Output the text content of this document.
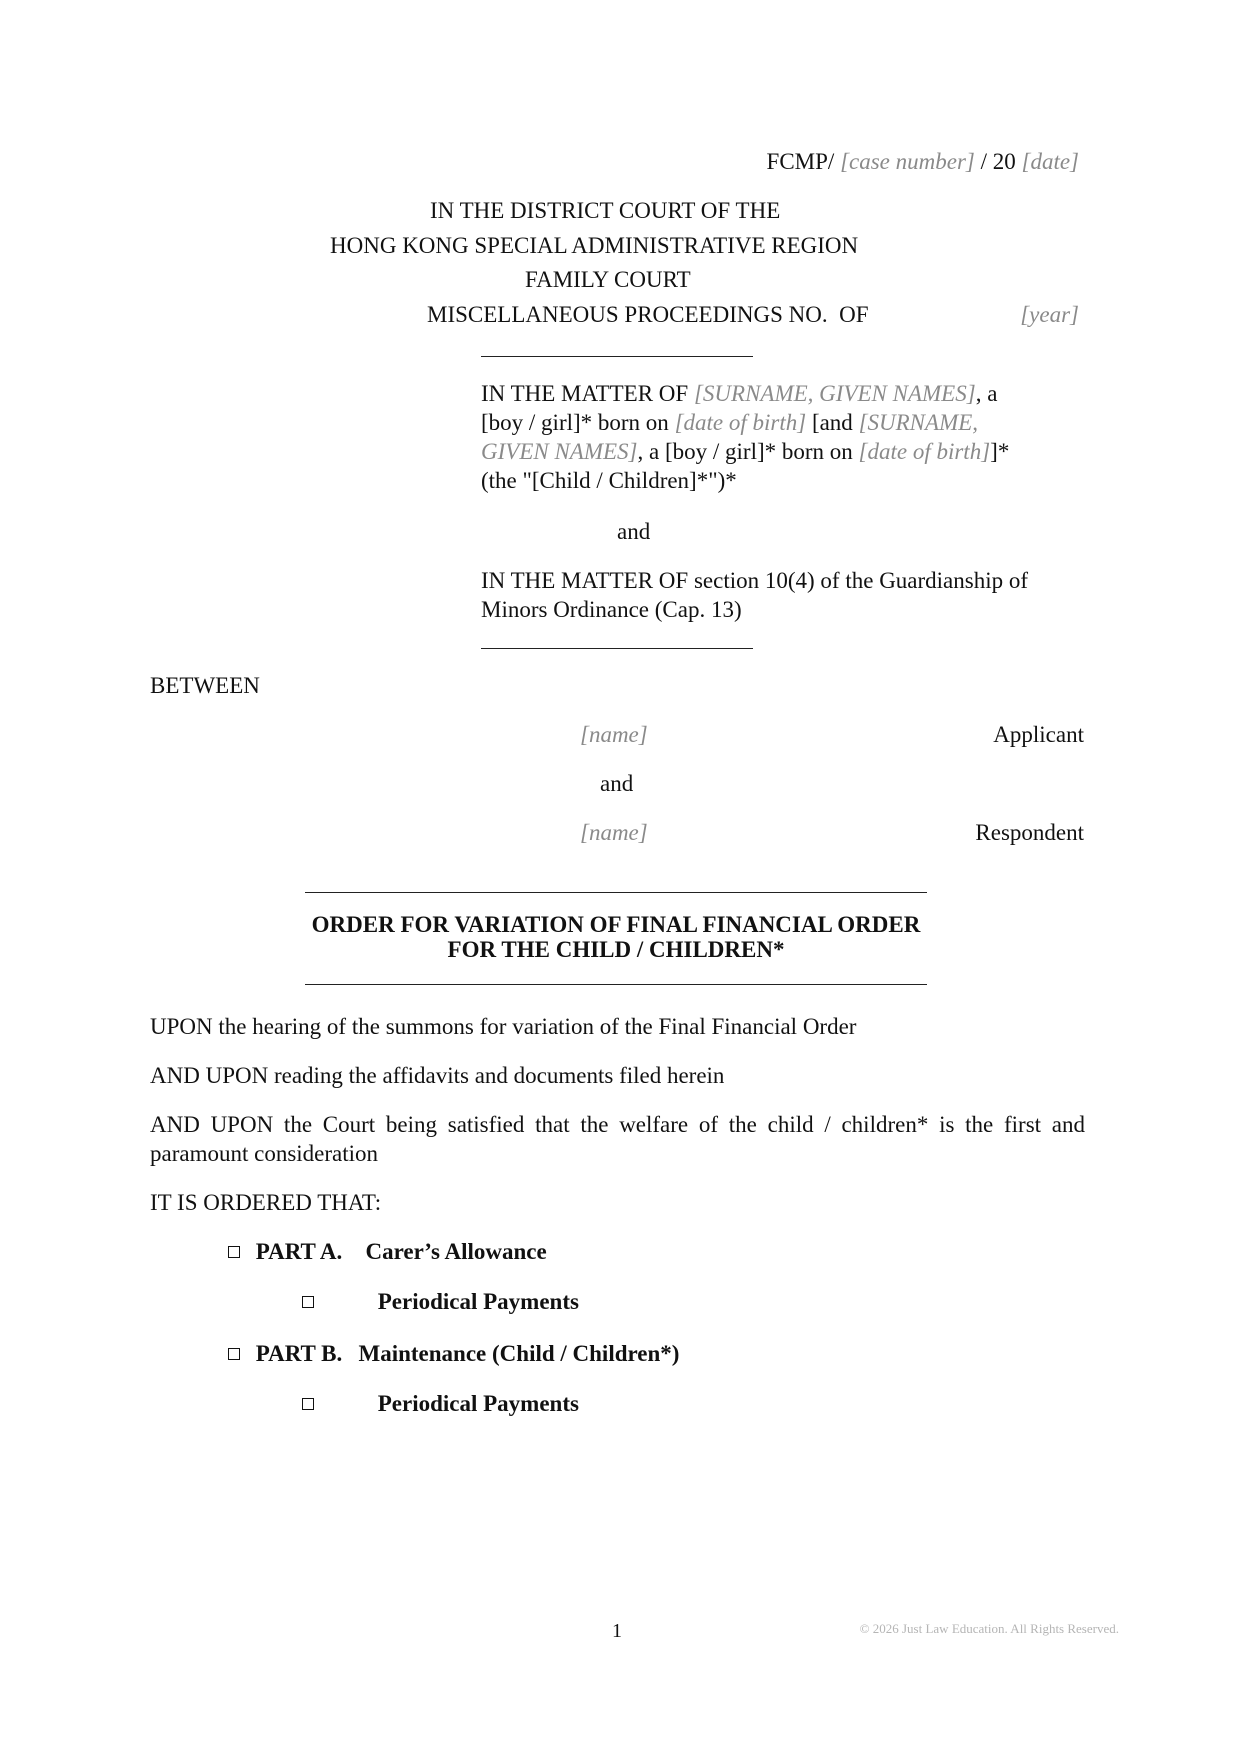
FCMP/ [case number] / 20 [date]
IN THE DISTRICT COURT OF THE
HONG KONG SPECIAL ADMINISTRATIVE REGION
FAMILY COURT
MISCELLANEOUS PROCEEDINGS NO.  OF	[year]
IN THE MATTER OF [SURNAME, GIVEN NAMES], a
[boy / girl]* born on [date of birth] [and [SURNAME,
GIVEN NAMES], a [boy / girl]* born on [date of birth]]*
(the "[Child / Children]*")*
and
IN THE MATTER OF section 10(4) of the Guardianship of
Minors Ordinance (Cap. 13)
BETWEEN
[name]	Applicant
and
[name]	Respondent
ORDER FOR VARIATION OF FINAL FINANCIAL ORDER
FOR THE CHILD / CHILDREN*
UPON the hearing of the summons for variation of the Final Financial Order
AND UPON reading the affidavits and documents filed herein
AND UPON the Court being satisfied that the welfare of the child / children* is the first and
paramount consideration
IT IS ORDERED THAT:
PART A. Carer’s Allowance
Periodical Payments
PART B. Maintenance (Child / Children*)
Periodical Payments
1	© 2026 Just Law Education. All Rights Reserved.
